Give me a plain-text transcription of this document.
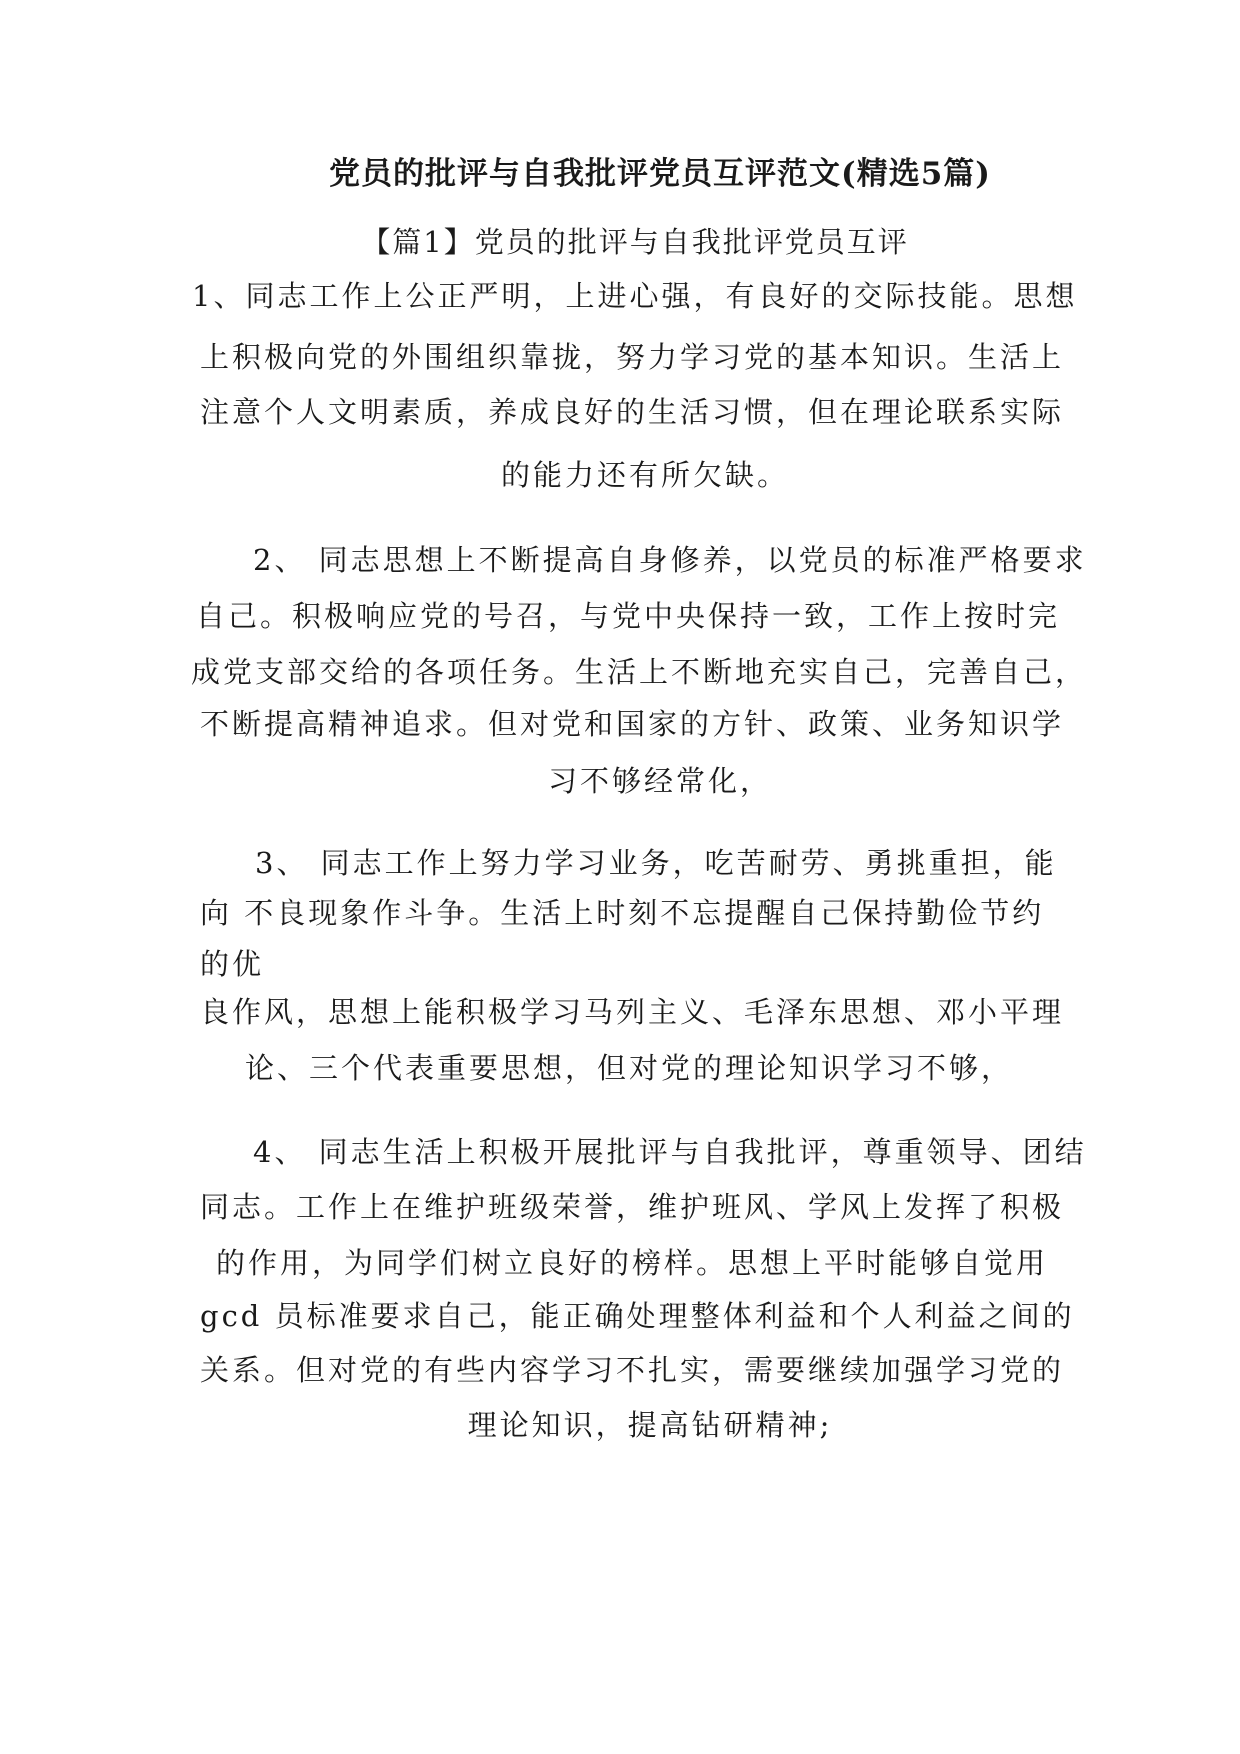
党员的批评与自我批评党员互评范文(精选5篇)
【篇1】党员的批评与自我批评党员互评
1、同志工作上公正严明，上进心强，有良好的交际技能。思想
上积极向党的外围组织靠拢，努力学习党的基本知识。生活上
注意个人文明素质，养成良好的生活习惯，但在理论联系实际
的能力还有所欠缺。
2、 同志思想上不断提高自身修养，以党员的标准严格要求
自己。积极响应党的号召，与党中央保持一致，工作上按时完
成党支部交给的各项任务。生活上不断地充实自己，完善自己，
不断提高精神追求。但对党和国家的方针、政策、业务知识学
习不够经常化，
3、 同志工作上努力学习业务，吃苦耐劳、勇挑重担，能
向 不良现象作斗争。生活上时刻不忘提醒自己保持勤俭节约
的优
良作风，思想上能积极学习马列主义、毛泽东思想、邓小平理
论、三个代表重要思想，但对党的理论知识学习不够，
4、 同志生活上积极开展批评与自我批评，尊重领导、团结
同志。工作上在维护班级荣誉，维护班风、学风上发挥了积极
的作用，为同学们树立良好的榜样。思想上平时能够自觉用
gcd 员标准要求自己，能正确处理整体利益和个人利益之间的
关系。但对党的有些内容学习不扎实，需要继续加强学习党的
理论知识，提高钻研精神;
